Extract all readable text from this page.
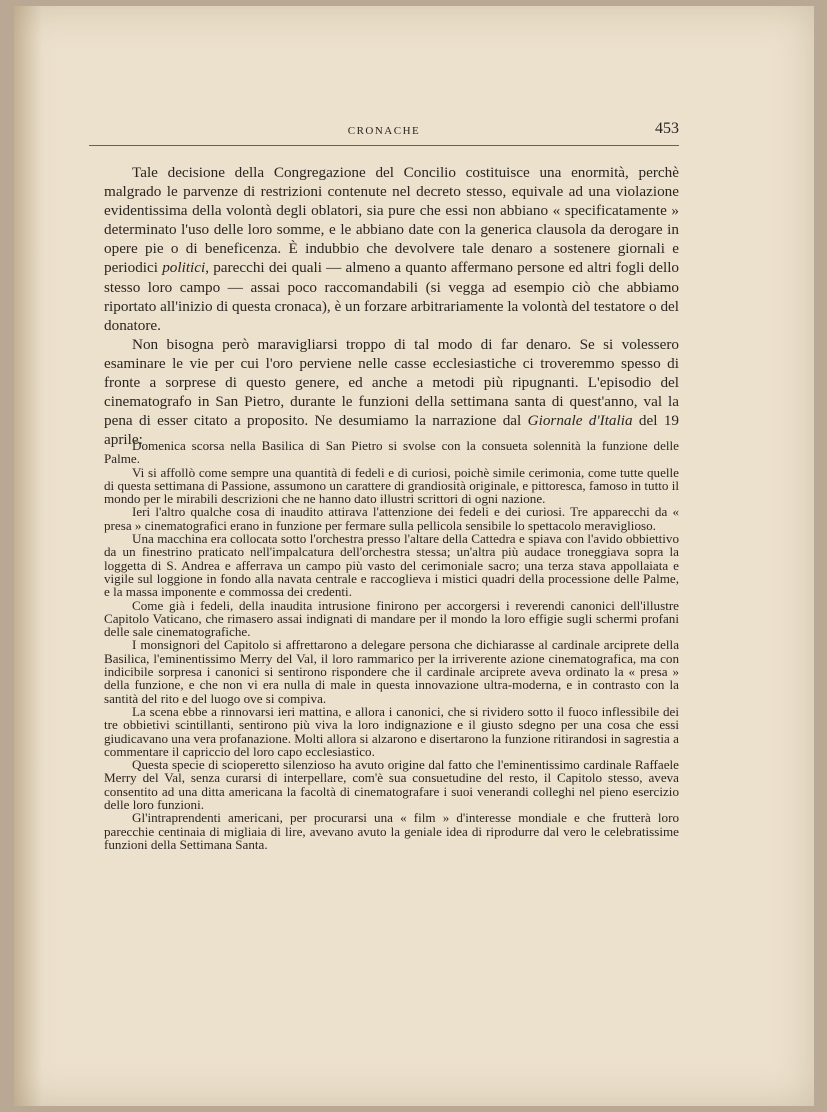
CRONACHE	453

Tale decisione della Congregazione del Concilio costituisce una enormità, perchè malgrado le parvenze di restrizioni contenute nel decreto stesso, equivale ad una violazione evidentissima della volontà degli oblatori, sia pure che essi non abbiano « specificatamente » determinato l'uso delle loro somme, e le abbiano date con la generica clausola da derogare in opere pie o di beneficenza. È indubbio che devolvere tale denaro a sostenere giornali e periodici politici, parecchi dei quali — almeno a quanto affermano persone ed altri fogli dello stesso loro campo — assai poco raccomandabili (si vegga ad esempio ciò che abbiamo riportato all'inizio di questa cronaca), è un forzare arbitrariamente la volontà del testatore o del donatore.

Non bisogna però maravigliarsi troppo di tal modo di far denaro. Se si volessero esaminare le vie per cui l'oro perviene nelle casse ecclesiastiche ci troveremmo spesso di fronte a sorprese di questo genere, ed anche a metodi più ripugnanti. L'episodio del cinematografo in San Pietro, durante le funzioni della settimana santa di quest'anno, val la pena di esser citato a proposito. Ne desumiamo la narrazione dal Giornale d'Italia del 19 aprile:

Domenica scorsa nella Basilica di San Pietro si svolse con la consueta solennità la funzione delle Palme.

Vi si affollò come sempre una quantità di fedeli e di curiosi, poichè simile cerimonia, come tutte quelle di questa settimana di Passione, assumono un carattere di grandiosità originale, e pittoresca, famoso in tutto il mondo per le mirabili descrizioni che ne hanno dato illustri scrittori di ogni nazione.

Ieri l'altro qualche cosa di inaudito attirava l'attenzione dei fedeli e dei curiosi. Tre apparecchi da « presa » cinematografici erano in funzione per fermare sulla pellicola sensibile lo spettacolo meraviglioso.

Una macchina era collocata sotto l'orchestra presso l'altare della Cattedra e spiava con l'avido obbiettivo da un finestrino praticato nell'impalcatura dell'orchestra stessa; un'altra più audace troneggiava sopra la loggetta di S. Andrea e afferrava un campo più vasto del cerimoniale sacro; una terza stava appollaiata e vigile sul loggione in fondo alla navata centrale e raccoglieva i mistici quadri della processione delle Palme, e la massa imponente e commossa dei credenti.

Come già i fedeli, della inaudita intrusione finirono per accorgersi i reverendi canonici dell'illustre Capitolo Vaticano, che rimasero assai indignati di mandare per il mondo la loro effigie sugli schermi profani delle sale cinematografiche.

I monsignori del Capitolo si affrettarono a delegare persona che dichiarasse al cardinale arciprete della Basilica, l'eminentissimo Merry del Val, il loro rammarico per la irriverente azione cinematografica, ma con indicibile sorpresa i canonici si sentirono rispondere che il cardinale arciprete aveva ordinato la « presa » della funzione, e che non vi era nulla di male in questa innovazione ultra-moderna, e in contrasto con la santità del rito e del luogo ove si compiva.

La scena ebbe a rinnovarsi ieri mattina, e allora i canonici, che si rividero sotto il fuoco inflessibile dei tre obbietivi scintillanti, sentirono più viva la loro indignazione e il giusto sdegno per una cosa che essi giudicavano una vera profanazione. Molti allora si alzarono e disertarono la funzione ritirandosi in sagrestia a commentare il capriccio del loro capo ecclesiastico.

Questa specie di scioperetto silenzioso ha avuto origine dal fatto che l'eminentissimo cardinale Raffaele Merry del Val, senza curarsi di interpellare, com'è sua consuetudine del resto, il Capitolo stesso, aveva consentito ad una ditta americana la facoltà di cinematografare i suoi venerandi colleghi nel pieno esercizio delle loro funzioni.

Gl'intraprendenti americani, per procurarsi una « film » d'interesse mondiale e che frutterà loro parecchie centinaia di migliaia di lire, avevano avuto la geniale idea di riprodurre dal vero le celebratissime funzioni della Settimana Santa.
